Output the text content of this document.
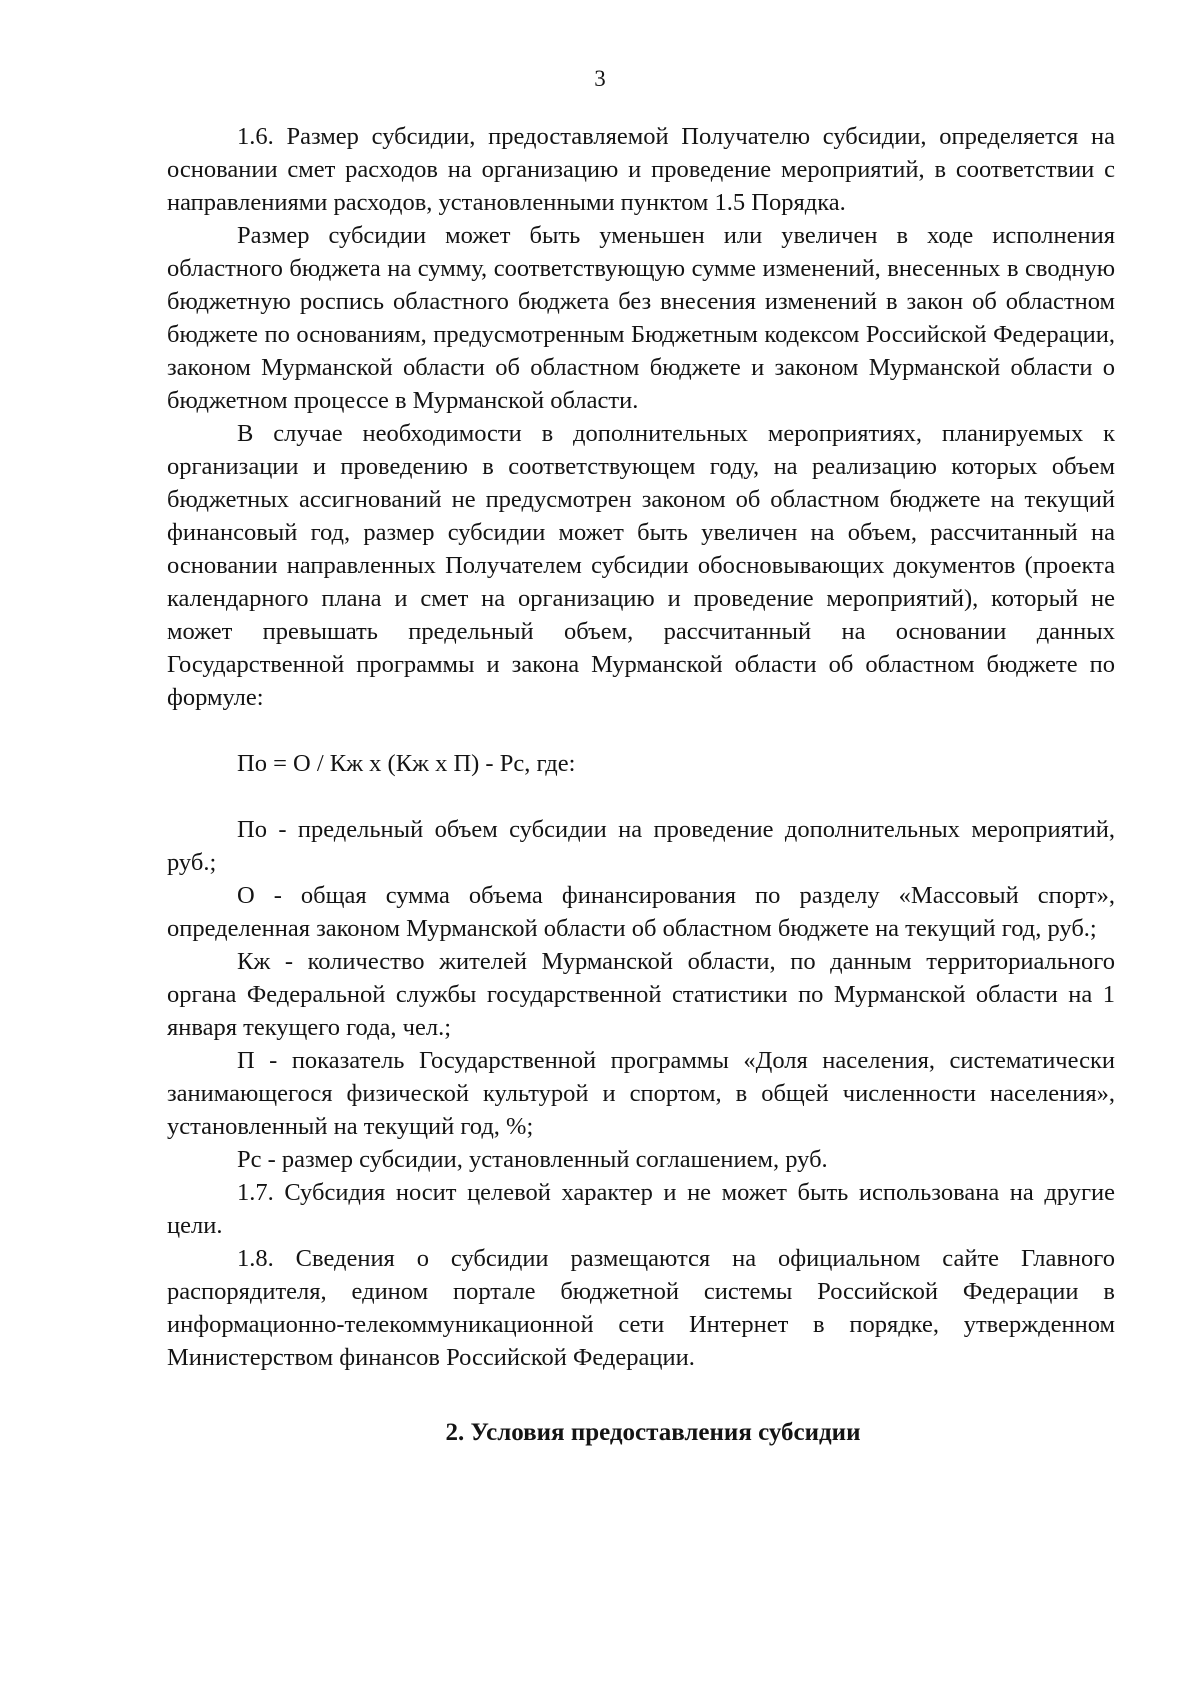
3

1.6. Размер субсидии, предоставляемой Получателю субсидии, определяется на основании смет расходов на организацию и проведение мероприятий, в соответствии с направлениями расходов, установленными пунктом 1.5 Порядка.

Размер субсидии может быть уменьшен или увеличен в ходе исполнения областного бюджета на сумму, соответствующую сумме изменений, внесенных в сводную бюджетную роспись областного бюджета без внесения изменений в закон об областном бюджете по основаниям, предусмотренным Бюджетным кодексом Российской Федерации, законом Мурманской области об областном бюджете и законом Мурманской области о бюджетном процессе в Мурманской области.

В случае необходимости в дополнительных мероприятиях, планируемых к организации и проведению в соответствующем году, на реализацию которых объем бюджетных ассигнований не предусмотрен законом об областном бюджете на текущий финансовый год, размер субсидии может быть увеличен на объем, рассчитанный на основании направленных Получателем субсидии обосновывающих документов (проекта календарного плана и смет на организацию и проведение мероприятий), который не может превышать предельный объем, рассчитанный на основании данных Государственной программы и закона Мурманской области об областном бюджете по формуле:

По = О / Кж х (Кж х П) - Рс, где:

По - предельный объем субсидии на проведение дополнительных мероприятий, руб.;

О - общая сумма объема финансирования по разделу «Массовый спорт», определенная законом Мурманской области об областном бюджете на текущий год, руб.;

Кж - количество жителей Мурманской области, по данным территориального органа Федеральной службы государственной статистики по Мурманской области на 1 января текущего года, чел.;

П - показатель Государственной программы «Доля населения, систематически занимающегося физической культурой и спортом, в общей численности населения», установленный на текущий год, %;

Рс - размер субсидии, установленный соглашением, руб.

1.7. Субсидия носит целевой характер и не может быть использована на другие цели.

1.8. Сведения о субсидии размещаются на официальном сайте Главного распорядителя, едином портале бюджетной системы Российской Федерации в информационно-телекоммуникационной сети Интернет в порядке, утвержденном Министерством финансов Российской Федерации.

2. Условия предоставления субсидии
